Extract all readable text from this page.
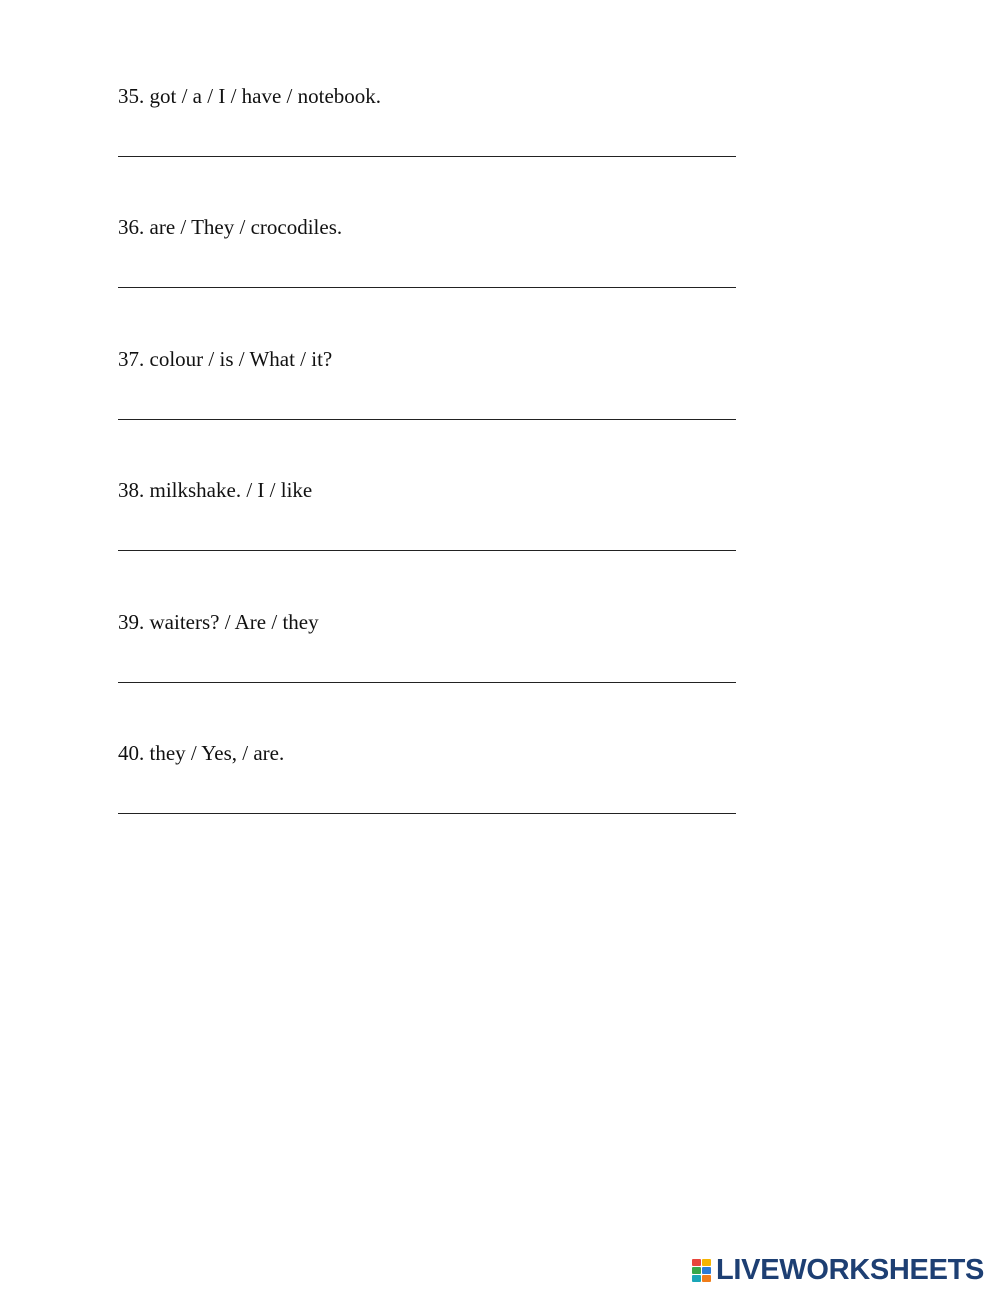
35. got / a / I / have / notebook.
36. are / They / crocodiles.
37. colour / is / What / it?
38. milkshake. / I / like
39. waiters? / Are / they
40. they / Yes, / are.
LIVEWORKSHEETS
